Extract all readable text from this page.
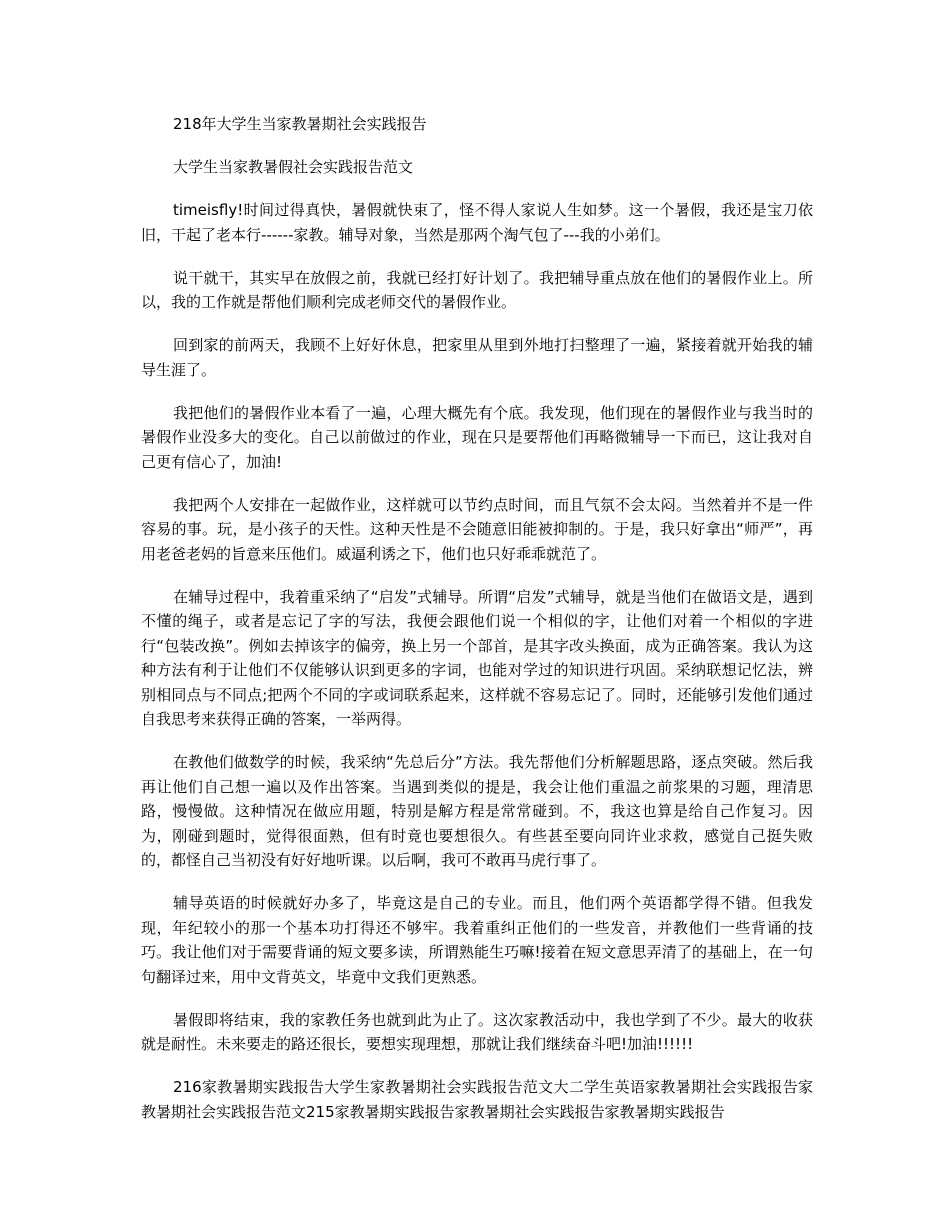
218年大学生当家教暑期社会实践报告

大学生当家教暑假社会实践报告范文

timeisfly!时间过得真快，暑假就快束了，怪不得人家说人生如梦。这一个暑假，我还是宝刀依旧，干起了老本行------家教。辅导对象，当然是那两个淘气包了---我的小弟们。

说干就干，其实早在放假之前，我就已经打好计划了。我把辅导重点放在他们的暑假作业上。所以，我的工作就是帮他们顺利完成老师交代的暑假作业。

回到家的前两天，我顾不上好好休息，把家里从里到外地打扫整理了一遍，紧接着就开始我的辅导生涯了。

我把他们的暑假作业本看了一遍，心理大概先有个底。我发现，他们现在的暑假作业与我当时的暑假作业没多大的变化。自己以前做过的作业，现在只是要帮他们再略微辅导一下而已，这让我对自己更有信心了，加油!

我把两个人安排在一起做作业，这样就可以节约点时间，而且气氛不会太闷。当然着并不是一件容易的事。玩，是小孩子的天性。这种天性是不会随意旧能被抑制的。于是，我只好拿出“师严”，再用老爸老妈的旨意来压他们。威逼利诱之下，他们也只好乖乖就范了。

在辅导过程中，我着重采纳了“启发”式辅导。所谓“启发”式辅导，就是当他们在做语文是，遇到不懂的绳子，或者是忘记了字的写法，我便会跟他们说一个相似的字，让他们对着一个相似的字进行“包装改换”。例如去掉该字的偏旁，换上另一个部首，是其字改头换面，成为正确答案。我认为这种方法有利于让他们不仅能够认识到更多的字词，也能对学过的知识进行巩固。采纳联想记忆法，辨别相同点与不同点;把两个不同的字或词联系起来，这样就不容易忘记了。同时，还能够引发他们通过自我思考来获得正确的答案，一举两得。

在教他们做数学的时候，我采纳“先总后分”方法。我先帮他们分析解题思路，逐点突破。然后我再让他们自己想一遍以及作出答案。当遇到类似的提是，我会让他们重温之前浆果的习题，理清思路，慢慢做。这种情况在做应用题，特别是解方程是常常碰到。不，我这也算是给自己作复习。因为，刚碰到题时，觉得很面熟，但有时竟也要想很久。有些甚至要向同许业求救，感觉自己挺失败的，都怪自己当初没有好好地听课。以后啊，我可不敢再马虎行事了。

辅导英语的时候就好办多了，毕竟这是自己的专业。而且，他们两个英语都学得不错。但我发现，年纪较小的那一个基本功打得还不够牢。我着重纠正他们的一些发音，并教他们一些背诵的技巧。我让他们对于需要背诵的短文要多读，所谓熟能生巧嘛!接着在短文意思弄清了的基础上，在一句句翻译过来，用中文背英文，毕竟中文我们更熟悉。

暑假即将结束，我的家教任务也就到此为止了。这次家教活动中，我也学到了不少。最大的收获就是耐性。未来要走的路还很长，要想实现理想，那就让我们继续奋斗吧!加油!!!!!!

216家教暑期实践报告大学生家教暑期社会实践报告范文大二学生英语家教暑期社会实践报告家教暑期社会实践报告范文215家教暑期实践报告家教暑期社会实践报告家教暑期实践报告
